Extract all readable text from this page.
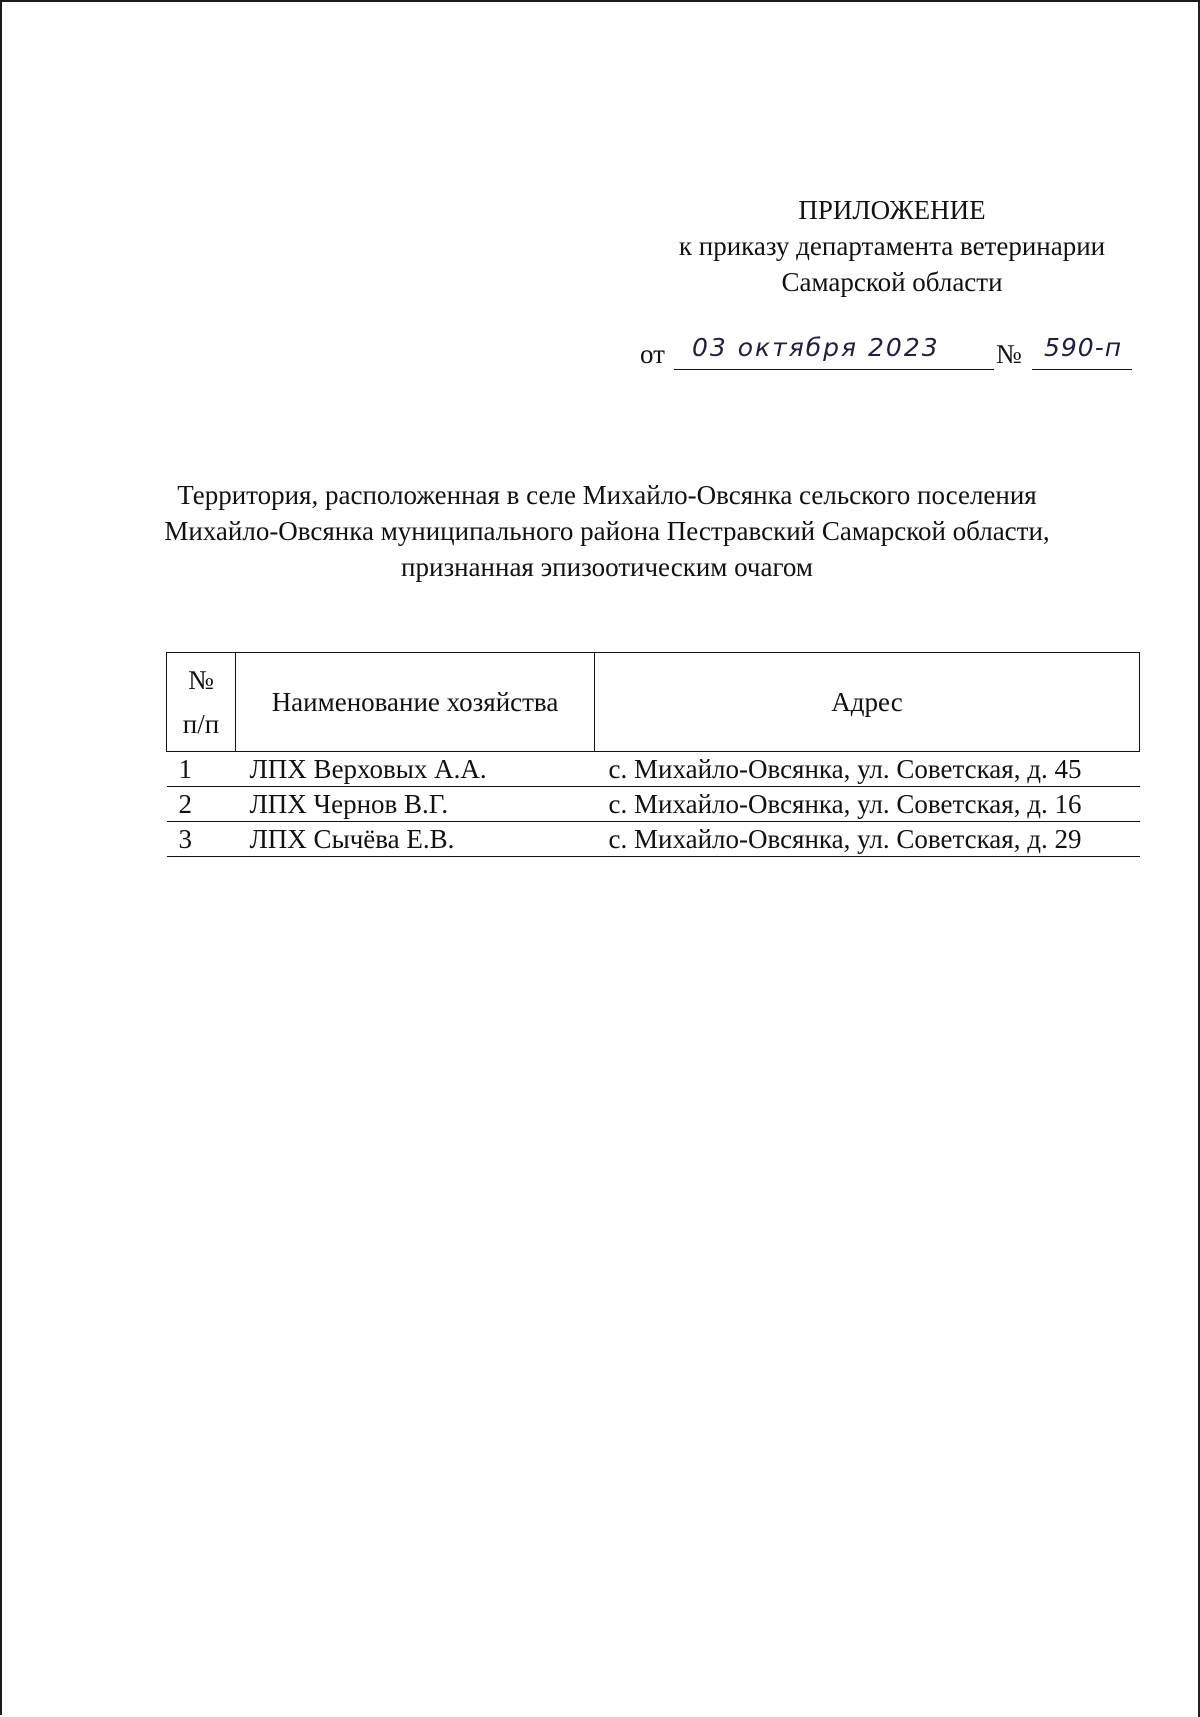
ПРИЛОЖЕНИЕ
к приказу департамента ветеринарии
Самарской области
от 03 октября 2023 № 590-п
Территория, расположенная в селе Михайло-Овсянка сельского поселения
Михайло-Овсянка муниципального района Пестравский Самарской области,
признанная эпизоотическим очагом
№
п/п	Наименование хозяйства	Адрес
1	ЛПХ Верховых А.А.	с. Михайло-Овсянка, ул. Советская, д. 45
2	ЛПХ Чернов В.Г.	с. Михайло-Овсянка, ул. Советская, д. 16
3	ЛПХ Сычёва Е.В.	с. Михайло-Овсянка, ул. Советская, д. 29
